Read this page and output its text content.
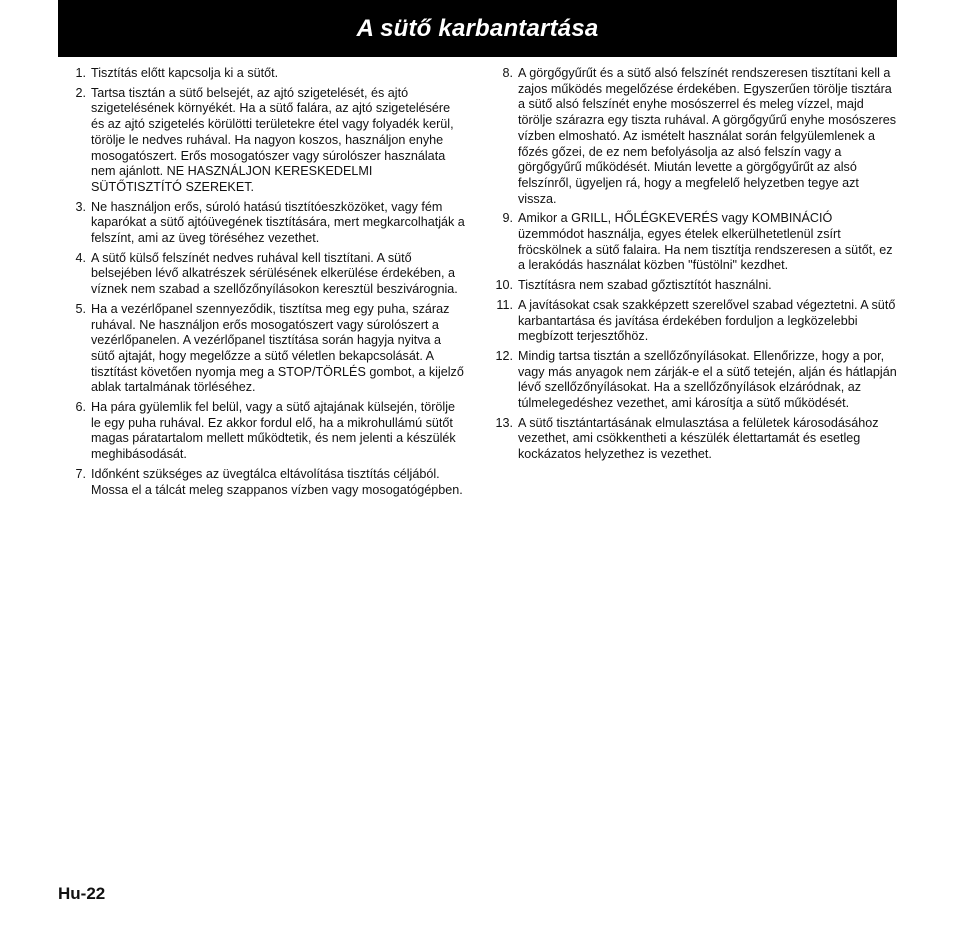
A sütő karbantartása
1. Tisztítás előtt kapcsolja ki a sütőt.
2. Tartsa tisztán a sütő belsejét, az ajtó szigetelését, és ajtó szigetelésének környékét. Ha a sütő falára, az ajtó szigetelésére és az ajtó szigetelés körülötti területekre étel vagy folyadék kerül, törölje le nedves ruhával. Ha nagyon koszos, használjon enyhe mosogatószert. Erős mosogatószer vagy súrolószer használata nem ajánlott. NE HASZNÁLJON KERESKEDELMI SÜTŐTISZTÍTÓ SZEREKET.
3. Ne használjon erős, súroló hatású tisztítóeszközöket, vagy fém kaparókat a sütő ajtóüvegének tisztítására, mert megkarcolhatják a felszínt, ami az üveg töréséhez vezethet.
4. A sütő külső felszínét nedves ruhával kell tisztítani. A sütő belsejében lévő alkatrészek sérülésének elkerülése érdekében, a víznek nem szabad a szellőzőnyílásokon keresztül beszivárognia.
5. Ha a vezérlőpanel szennyeződik, tisztítsa meg egy puha, száraz ruhával. Ne használjon erős mosogatószert vagy súrolószert a vezérlőpanelen. A vezérlőpanel tisztítása során hagyja nyitva a sütő ajtaját, hogy megelőzze a sütő véletlen bekapcsolását. A tisztítást követően nyomja meg a STOP/TÖRLÉS gombot, a kijelző ablak tartalmának törléséhez.
6. Ha pára gyülemlik fel belül, vagy a sütő ajtajának külsején, törölje le egy puha ruhával. Ez akkor fordul elő, ha a mikrohullámú sütőt magas páratartalom mellett működtetik, és nem jelenti a készülék meghibásodását.
7. Időnként szükséges az üvegtálca eltávolítása tisztítás céljából. Mossa el a tálcát meleg szappanos vízben vagy mosogatógépben.
8. A görgőgyűrűt és a sütő alsó felszínét rendszeresen tisztítani kell a zajos működés megelőzése érdekében. Egyszerűen törölje tisztára a sütő alsó felszínét enyhe mosószerrel és meleg vízzel, majd törölje szárazra egy tiszta ruhával. A görgőgyűrű enyhe mosószeres vízben elmosható. Az ismételt használat során felgyülemlenek a főzés gőzei, de ez nem befolyásolja az alsó felszín vagy a görgőgyűrű működését. Miután levette a görgőgyűrűt az alsó felszínről, ügyeljen rá, hogy a megfelelő helyzetben tegye azt vissza.
9. Amikor a GRILL, HŐLÉGKEVERÉS vagy KOMBINÁCIÓ üzemmódot használja, egyes ételek elkerülhetetlenül zsírt fröcskölnek a sütő falaira. Ha nem tisztítja rendszeresen a sütőt, ez a lerakódás használat közben "füstölni" kezdhet.
10. Tisztításra nem szabad gőztisztítót használni.
11. A javításokat csak szakképzett szerelővel szabad végeztetni. A sütő karbantartása és javítása érdekében forduljon a legközelebbi megbízott terjesztőhöz.
12. Mindig tartsa tisztán a szellőzőnyílásokat. Ellenőrizze, hogy a por, vagy más anyagok nem zárják-e el a sütő tetején, alján és hátlapján lévő szellőzőnyílásokat. Ha a szellőzőnyílások elzáródnak, az túlmelegedéshez vezethet, ami károsítja a sütő működését.
13. A sütő tisztántartásának elmulasztása a felületek károsodásához vezethet, ami csökkentheti a készülék élettartamát és esetleg kockázatos helyzethez is vezethet.
Hu-22
